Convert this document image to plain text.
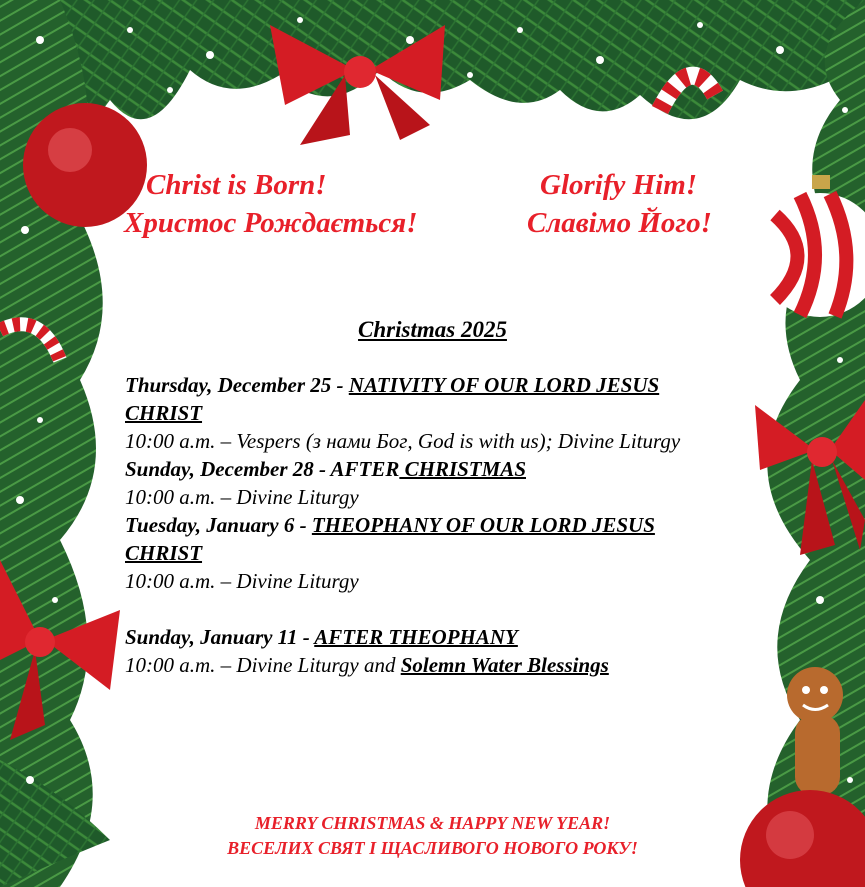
Christ is Born!	Glorify Him!
Христос Рождається!	Славімо Його!
Christmas 2025
Thursday, December 25 - NATIVITY OF OUR LORD JESUS CHRIST
10:00 a.m. – Vespers (з нами Бог, God is with us); Divine Liturgy
Sunday, December 28 - AFTER CHRISTMAS
10:00 a.m. – Divine Liturgy
Tuesday, January 6 - THEOPHANY OF OUR LORD JESUS CHRIST
10:00 a.m. – Divine Liturgy
Sunday, January 11 - AFTER THEOPHANY
10:00 a.m. – Divine Liturgy and Solemn Water Blessings
MERRY CHRISTMAS & HAPPY NEW YEAR!
ВЕСЕЛИХ СВЯТ І ЩАСЛИВОГО НОВОГО РОКУ!
